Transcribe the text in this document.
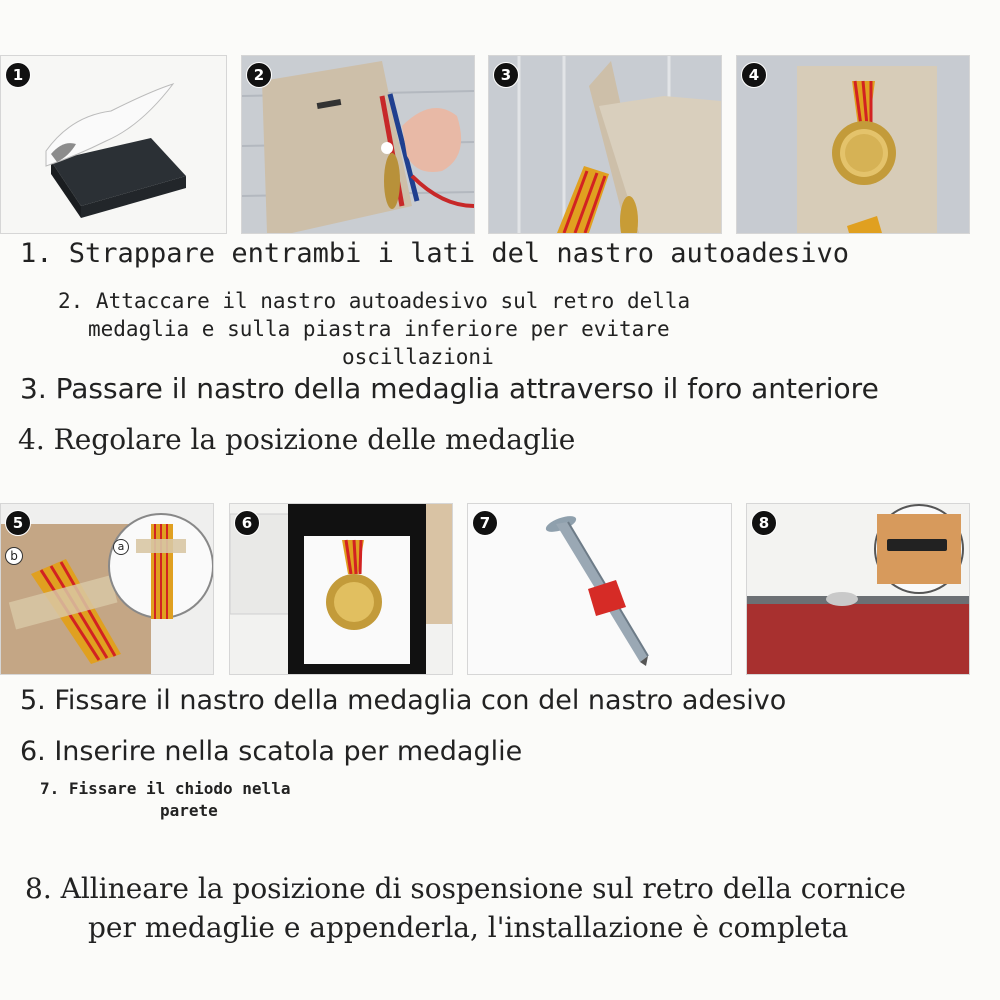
1	2	3	4

1. Strappare entrambi i lati del nastro autoadesivo

2. Attaccare il nastro autoadesivo sul retro della

medaglia e sulla piastra inferiore per evitare

oscillazioni

3. Passare il nastro della medaglia attraverso il foro anteriore

4. Regolare la posizione delle medaglie

5
b
a
6	7	8

5. Fissare il nastro della medaglia con del nastro adesivo

6. Inserire nella scatola per medaglie

7. Fissare il chiodo nella

parete

8. Allineare la posizione di sospensione sul retro della cornice

per medaglie e appenderla, l'installazione è completa
